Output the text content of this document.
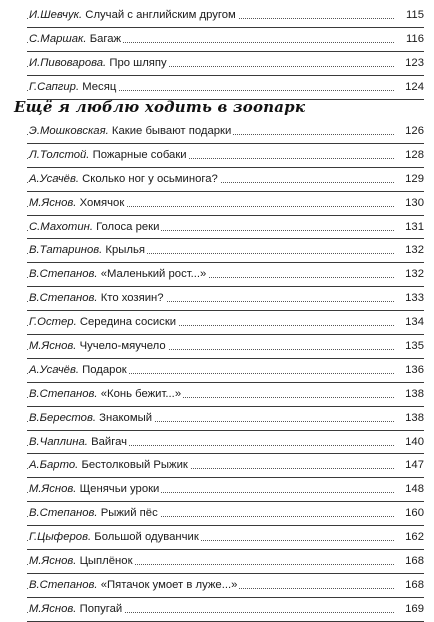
И.Шевчук. Случай с английским другом	115
С.Маршак. Багаж	116
И.Пивоварова. Про шляпу	123
Г.Сапгир. Месяц	124
Ещё я люблю ходить в зоопарк
Э.Мошковская. Какие бывают подарки	126
Л.Толстой. Пожарные собаки	128
А.Усачёв. Сколько ног у осьминога?	129
М.Яснов. Хомячок	130
С.Махотин. Голоса реки	131
В.Татаринов. Крылья	132
В.Степанов. «Маленький рост...»	132
В.Степанов. Кто хозяин?	133
Г.Остер. Середина сосиски	134
М.Яснов. Чучело-мяучело	135
А.Усачёв. Подарок	136
В.Степанов. «Конь бежит...»	138
В.Берестов. Знакомый	138
В.Чаплина. Вайгач	140
А.Барто. Бестолковый Рыжик	147
М.Яснов. Щенячьи уроки	148
В.Степанов. Рыжий пёс	160
Г.Цыферов. Большой одуванчик	162
М.Яснов. Цыплёнок	168
В.Степанов. «Пятачок умоет в луже...»	168
М.Яснов. Попугай	169
